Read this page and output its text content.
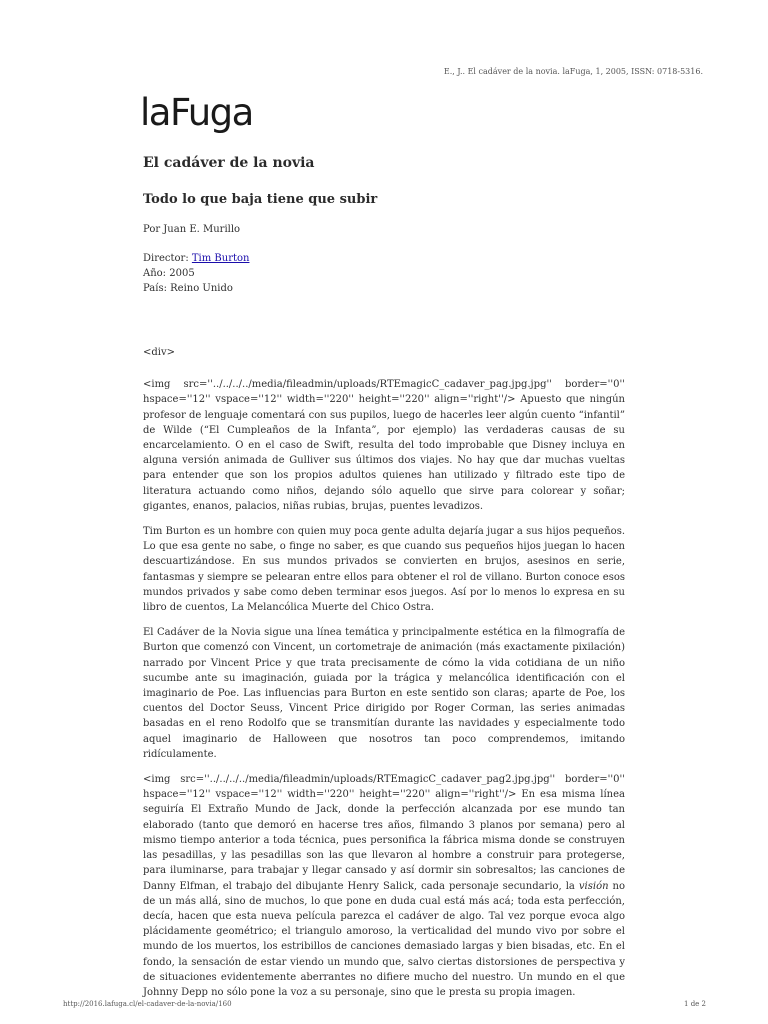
E., J.. El cadáver de la novia. laFuga, 1, 2005, ISSN: 0718-5316.
laFuga
El cadáver de la novia
Todo lo que baja tiene que subir
Por Juan E. Murillo
Director: Tim Burton
Año: 2005
País: Reino Unido

<div>

<img src=''../../../../media/fileadmin/uploads/RTEmagicC_cadaver_pag.jpg.jpg'' border=''0'' hspace=''12'' vspace=''12'' width=''220'' height=''220'' align=''right''/> Apuesto que ningún profesor de lenguaje comentará con sus pupilos, luego de hacerles leer algún cuento “infantil” de Wilde (“El Cumpleaños de la Infanta”, por ejemplo) las verdaderas causas de su encarcelamiento. O en el caso de Swift, resulta del todo improbable que Disney incluya en alguna versión animada de Gulliver sus últimos dos viajes. No hay que dar muchas vueltas para entender que son los propios adultos quienes han utilizado y filtrado este tipo de literatura actuando como niños, dejando sólo aquello que sirve para colorear y soñar; gigantes, enanos, palacios, niñas rubias, brujas, puentes levadizos.

Tim Burton es un hombre con quien muy poca gente adulta dejaría jugar a sus hijos pequeños. Lo que esa gente no sabe, o finge no saber, es que cuando sus pequeños hijos juegan lo hacen descuartizándose. En sus mundos privados se convierten en brujos, asesinos en serie, fantasmas y siempre se pelearan entre ellos para obtener el rol de villano. Burton conoce esos mundos privados y sabe como deben terminar esos juegos. Así por lo menos lo expresa en su libro de cuentos, La Melancólica Muerte del Chico Ostra.

El Cadáver de la Novia sigue una línea temática y principalmente estética en la filmografía de Burton que comenzó con Vincent, un cortometraje de animación (más exactamente pixilación) narrado por Vincent Price y que trata precisamente de cómo la vida cotidiana de un niño sucumbe ante su imaginación, guiada por la trágica y melancólica identificación con el imaginario de Poe. Las influencias para Burton en este sentido son claras; aparte de Poe, los cuentos del Doctor Seuss, Vincent Price dirigido por Roger Corman, las series animadas basadas en el reno Rodolfo que se transmitían durante las navidades y especialmente todo aquel imaginario de Halloween que nosotros tan poco comprendemos, imitando ridículamente.

<img src=''../../../../media/fileadmin/uploads/RTEmagicC_cadaver_pag2.jpg.jpg'' border=''0'' hspace=''12'' vspace=''12'' width=''220'' height=''220'' align=''right''/> En esa misma línea seguiría El Extraño Mundo de Jack, donde la perfección alcanzada por ese mundo tan elaborado (tanto que demoró en hacerse tres años, filmando 3 planos por semana) pero al mismo tiempo anterior a toda técnica, pues personifica la fábrica misma donde se construyen las pesadillas, y las pesadillas son las que llevaron al hombre a construir para protegerse, para iluminarse, para trabajar y llegar cansado y así dormir sin sobresaltos; las canciones de Danny Elfman, el trabajo del dibujante Henry Salick, cada personaje secundario, la visión no de un más allá, sino de muchos, lo que pone en duda cual está más acá; toda esta perfección, decía, hacen que esta nueva película parezca el cadáver de algo. Tal vez porque evoca algo plácidamente geométrico; el triangulo amoroso, la verticalidad del mundo vivo por sobre el mundo de los muertos, los estribillos de canciones demasiado largas y bien bisadas, etc. En el fondo, la sensación de estar viendo un mundo que, salvo ciertas distorsiones de perspectiva y de situaciones evidentemente aberrantes no difiere mucho del nuestro. Un mundo en el que Johnny Depp no sólo pone la voz a su personaje, sino que le presta su propia imagen.

http://2016.lafuga.cl/el-cadaver-de-la-novia/160	1 de 2
